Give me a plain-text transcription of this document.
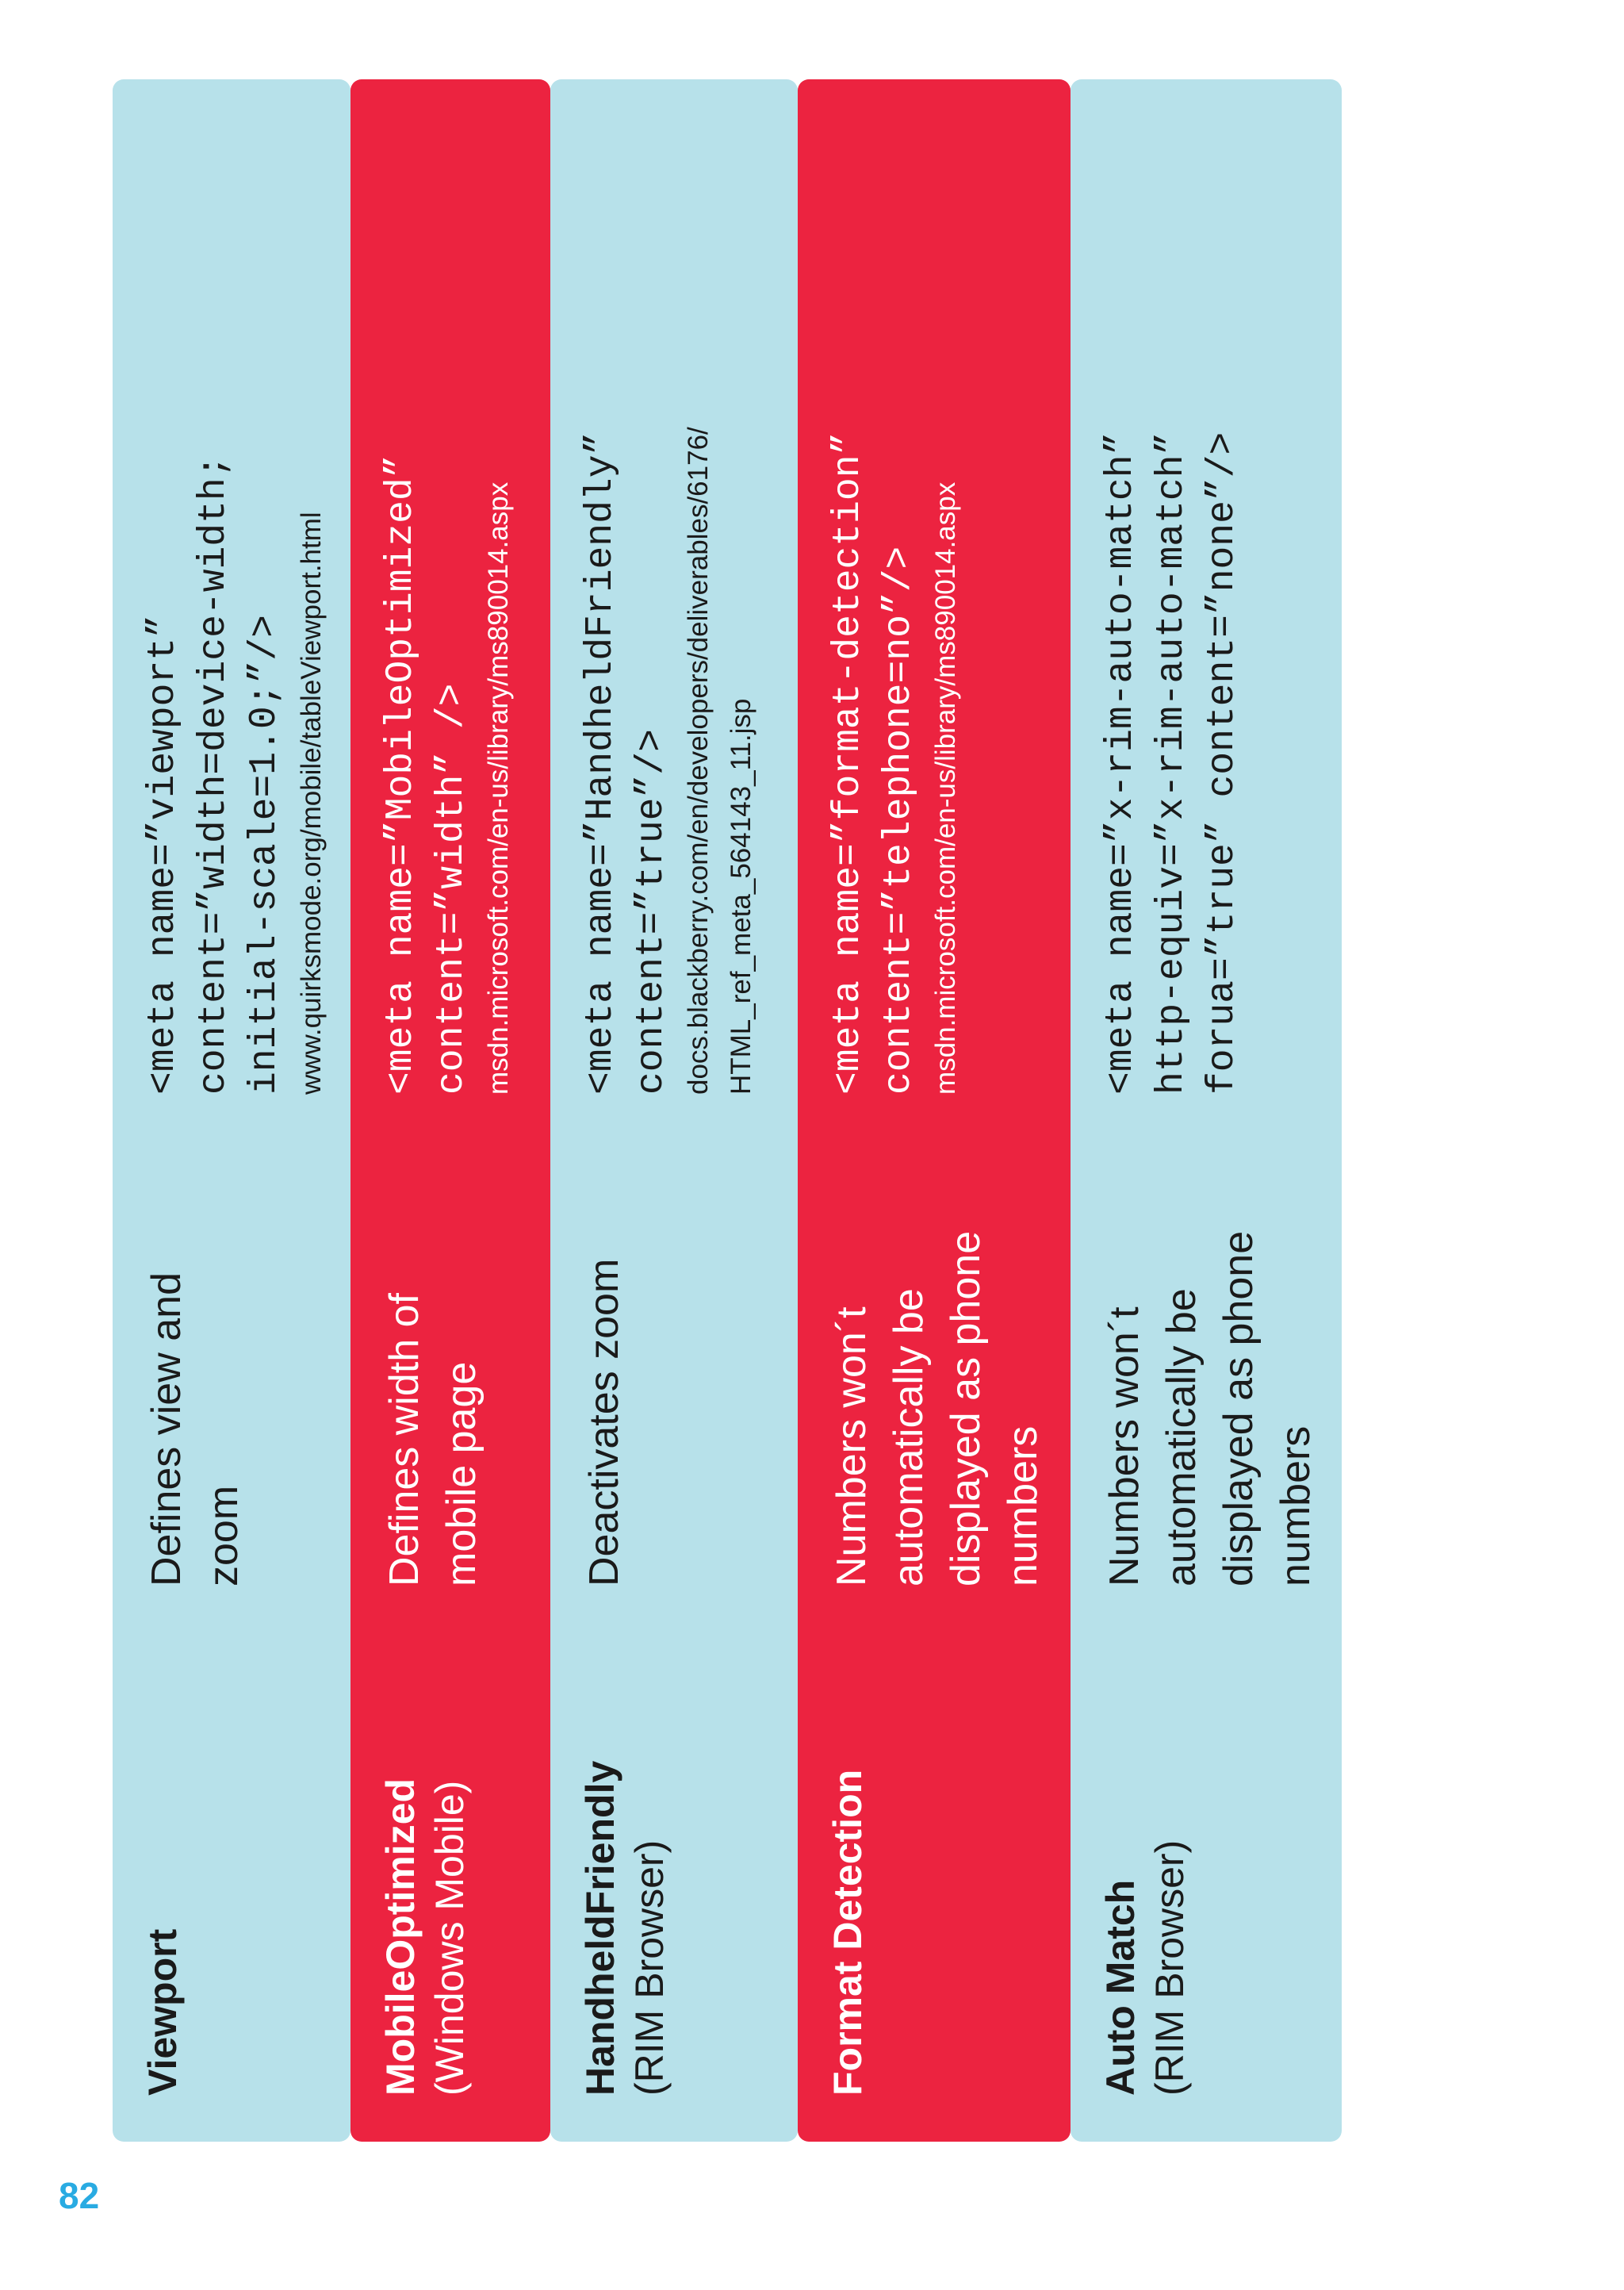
82
Viewport
Defines view and
zoom
<meta name=”viewport”
content=”width=device-width;
initial-scale=1.0;”/> www.quirksmode.org/mobile/tableViewport.html
MobileOptimized (Windows Mobile)
Defines width of
mobile page
<meta name=”MobileOptimized”
content=”width” /> msdn.microsoft.com/en-us/library/ms890014.aspx
HandheldFriendly (RIM Browser)
Deactivates zoom
<meta name=”HandheldFriendly”
content=”true”/> docs.blackberry.com/en/developers/deliverables/6176/
HTML_ref_meta_564143_11.jsp
Format Detection
Numbers won´t
automatically be
displayed as phone
numbers
<meta name=”format-detection”
content=”telephone=no”/> msdn.microsoft.com/en-us/library/ms890014.aspx
Auto Match (RIM Browser)
Numbers won´t
automatically be
displayed as phone
numbers
<meta name=”x-rim-auto-match”
http-equiv=”x-rim-auto-match”
forua=”true” content=”none”/>
